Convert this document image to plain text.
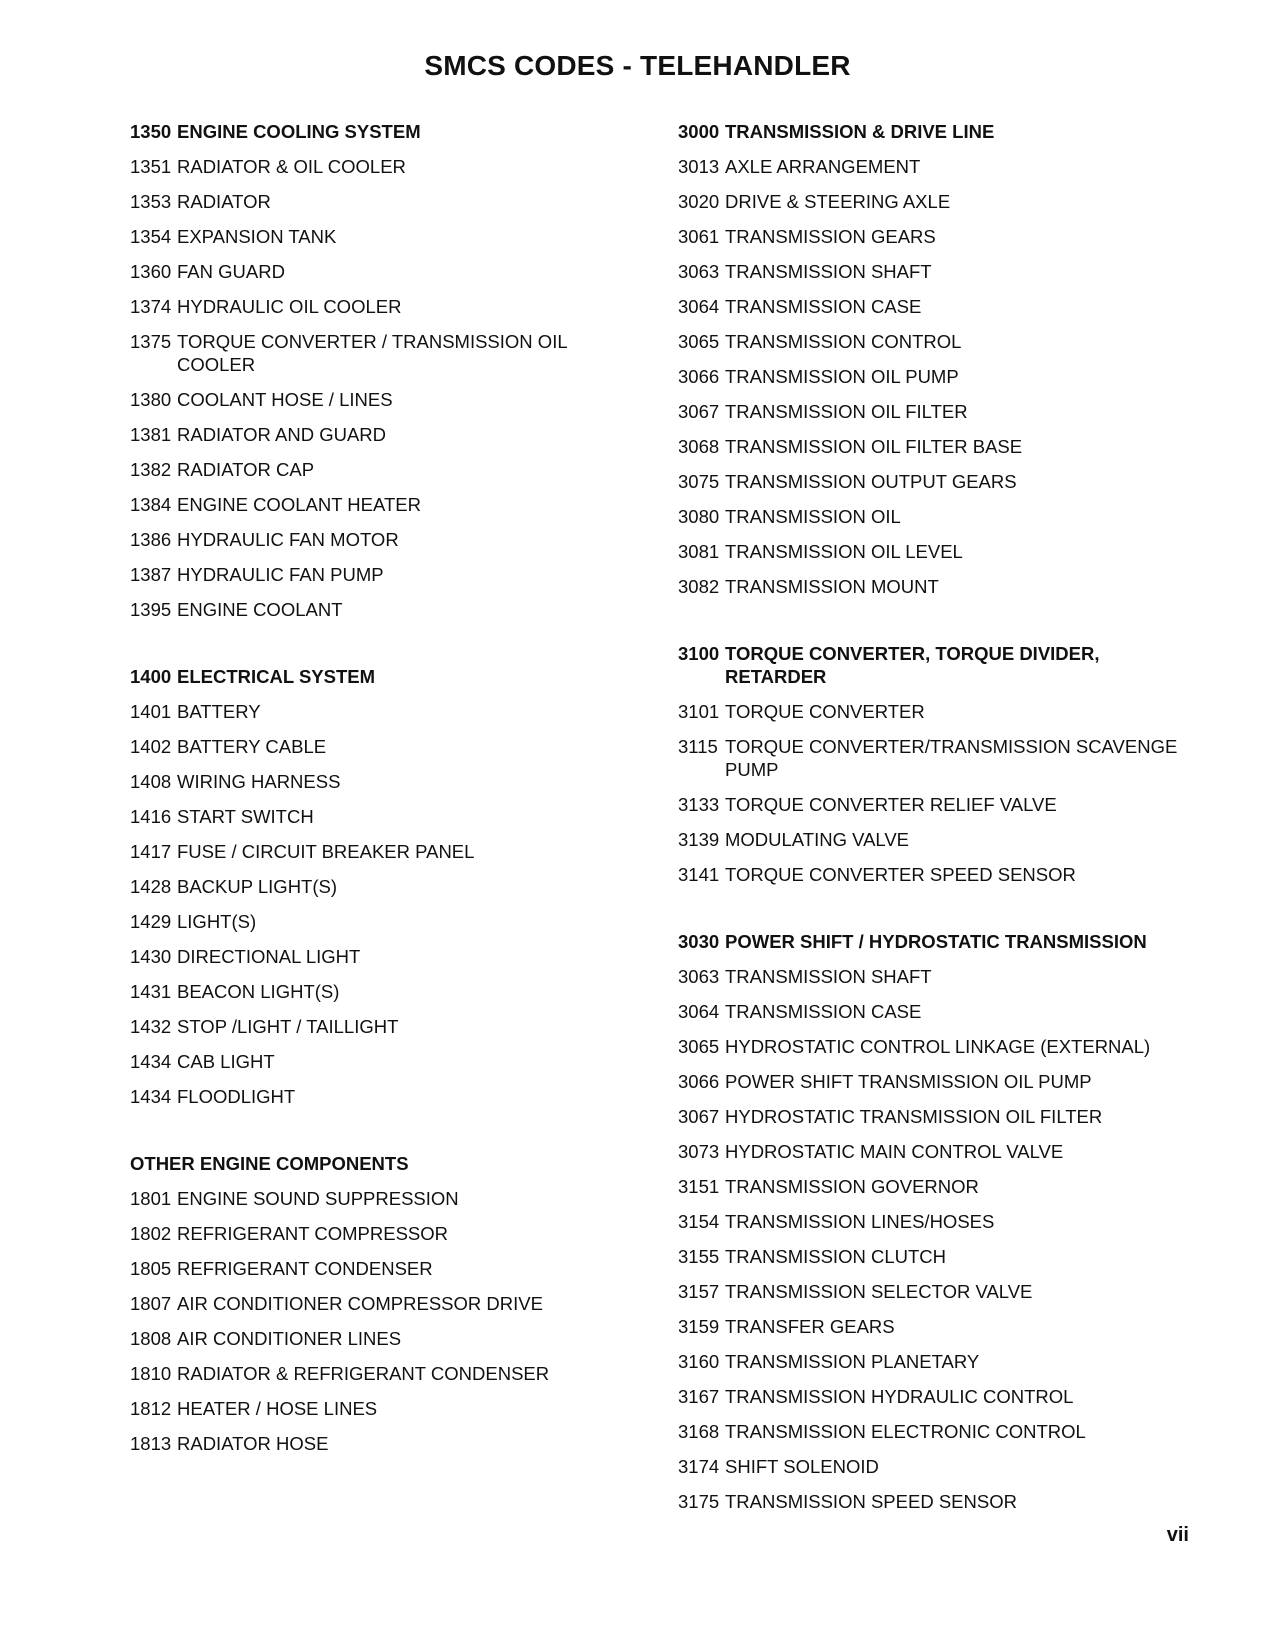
SMCS CODES - TELEHANDLER
1350 ENGINE COOLING SYSTEM
1351 RADIATOR & OIL COOLER
1353 RADIATOR
1354 EXPANSION TANK
1360 FAN GUARD
1374 HYDRAULIC OIL COOLER
1375 TORQUE CONVERTER / TRANSMISSION OIL COOLER
1380 COOLANT HOSE / LINES
1381 RADIATOR AND GUARD
1382 RADIATOR CAP
1384 ENGINE COOLANT HEATER
1386 HYDRAULIC FAN MOTOR
1387 HYDRAULIC FAN PUMP
1395 ENGINE COOLANT
1400 ELECTRICAL SYSTEM
1401 BATTERY
1402 BATTERY CABLE
1408 WIRING HARNESS
1416 START SWITCH
1417 FUSE / CIRCUIT BREAKER PANEL
1428 BACKUP LIGHT(S)
1429 LIGHT(S)
1430 DIRECTIONAL LIGHT
1431 BEACON LIGHT(S)
1432 STOP /LIGHT / TAILLIGHT
1434 CAB LIGHT
1434 FLOODLIGHT
OTHER ENGINE COMPONENTS
1801 ENGINE SOUND SUPPRESSION
1802 REFRIGERANT COMPRESSOR
1805 REFRIGERANT CONDENSER
1807 AIR CONDITIONER COMPRESSOR DRIVE
1808 AIR CONDITIONER LINES
1810 RADIATOR & REFRIGERANT CONDENSER
1812 HEATER / HOSE LINES
1813 RADIATOR HOSE
3000 TRANSMISSION & DRIVE LINE
3013 AXLE ARRANGEMENT
3020 DRIVE & STEERING AXLE
3061 TRANSMISSION GEARS
3063 TRANSMISSION SHAFT
3064 TRANSMISSION CASE
3065 TRANSMISSION CONTROL
3066 TRANSMISSION OIL PUMP
3067 TRANSMISSION OIL FILTER
3068 TRANSMISSION OIL FILTER BASE
3075 TRANSMISSION OUTPUT GEARS
3080 TRANSMISSION OIL
3081 TRANSMISSION OIL LEVEL
3082 TRANSMISSION MOUNT
3100 TORQUE CONVERTER, TORQUE DIVIDER, RETARDER
3101 TORQUE CONVERTER
3115 TORQUE CONVERTER/TRANSMISSION SCAVENGE PUMP
3133 TORQUE CONVERTER RELIEF VALVE
3139 MODULATING VALVE
3141 TORQUE CONVERTER SPEED SENSOR
3030 POWER SHIFT / HYDROSTATIC TRANSMISSION
3063 TRANSMISSION SHAFT
3064 TRANSMISSION CASE
3065 HYDROSTATIC CONTROL LINKAGE (EXTERNAL)
3066 POWER SHIFT TRANSMISSION OIL PUMP
3067 HYDROSTATIC TRANSMISSION OIL FILTER
3073 HYDROSTATIC MAIN CONTROL VALVE
3151 TRANSMISSION GOVERNOR
3154 TRANSMISSION LINES/HOSES
3155 TRANSMISSION CLUTCH
3157 TRANSMISSION SELECTOR VALVE
3159 TRANSFER GEARS
3160 TRANSMISSION PLANETARY
3167 TRANSMISSION HYDRAULIC CONTROL
3168 TRANSMISSION ELECTRONIC CONTROL
3174 SHIFT SOLENOID
3175 TRANSMISSION SPEED SENSOR
vii
